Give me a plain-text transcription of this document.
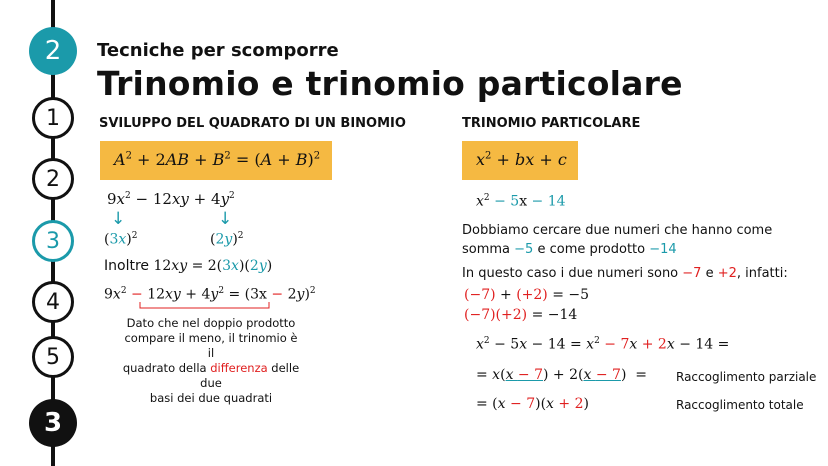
2
1
2
3
4
5
3
Tecniche per scomporre
Trinomio e trinomio particolare
SVILUPPO DEL QUADRATO DI UN BINOMIO
$A^2 + 2AB + B^2 = (A + B)^2$
$9x^2 - 12xy + 4y^2$
↓	↓
$(3x)^2$	$(2y)^2$
Inoltre 12xy = 2(3x)(2y)
$9x^2 - 12xy + 4y^2 = (3x - 2y)^2$
Dato che nel doppio prodotto
compare il meno, il trinomio è il
quadrato della differenza delle due
basi dei due quadrati
TRINOMIO PARTICOLARE
$x^2$ + bx + c
$x^2 - 5x - 14$
Dobbiamo cercare due numeri che hanno come
somma −5 e come prodotto −14
In questo caso i due numeri sono −7 e +2, infatti:
(−7) + (+2) = −5
(−7)(+2) = −14
$x^2 - 5x - 14 = x^2 - 7x + 2x - 14$ =
= x(x − 7) + 2(x − 7)  = Raccoglimento parziale
= (x − 7)(x + 2)	Raccoglimento totale
